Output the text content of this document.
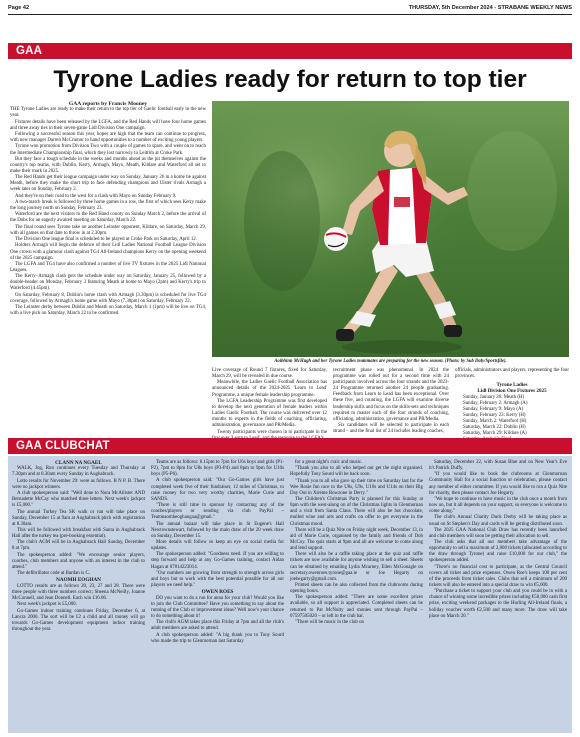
Page 42	THURSDAY, 5th December 2024 - STRABANE WEEKLY NEWS
GAA
Tyrone Ladies ready for return to top tier

GAA reports by Francis Mooney

THE Tyrone Ladies are ready to make their return to the top tier of Gaelic football early in the new year.

Fixtures details have been released by the LGFA, and the Red Hands will have four home games and three away ties in their seven-game Lidl Division One campaign.

Following a successful season this year, hopes are high that the team can continue to progress, with new manager Darren McCrumor to hand opportunities to a number of exciting young players.

Tyrone won promotion from Division Two with a couple of games to spare, and went on to reach the Intermediate Championship final, which they lost narrowly to Leitrim at Croke Park.

But they face a tough schedule in the weeks and months ahead as the pit themselves against the country's top teams, with Dublin, Kerry, Armagh, Mayo, Meath, Kildare and Waterford all set to make their mark in 2025.

The Red Hands get their league campaign under way on Sunday, January 26 in a home tie against Meath, before they make the short trip to face defending champions and Ulster rivals Armagh a week later on Sunday, February 2.

And they're on their road to the west for a clash with Mayo on Sunday February 9.

A two-match break is followed by three home games in a row, the first of which sees Kerry make the long journey north on Sunday, February 23.

Waterford are the next visitors to the Red Hand county on Sunday March 2, before the arrival of the Dubs for an eagerly awaited meeting on Saturday, March 22.

The final round sees Tyrone take on another Leinster opponent, Kildare, on Saturday, March 29, with all games on that date to throw in at 2.30pm.

The Division One league final is scheduled to be played at Croke Park on Saturday, April 12.

Holders Armagh will begin the defence of their Lidl Ladies National Football League Division One crown with a glamour clash against TG4 All-Ireland champions Kerry on the opening weekend of the 2025 campaign.

The LGFA and TG4 have also confirmed a number of live TV fixtures in the 2025 Lidl National Leagues.

The Kerry–Armagh clash gets the schedule under way on Saturday, January 25, followed by a double-header on Monday, February 3 featuring Meath at home to Mayo (2pm) and Kerry's trip to Waterford (4.45pm).

On Saturday, February 8, Dublin's home clash with Armagh (3.30pm) is scheduled for live TG4 coverage, followed by Armagh's home game with Mayo (7.30pm) on Saturday, February 22.

The Leinster derby between Dublin and Meath on Saturday, March 1 (1pm) will be live on TG4, with a live pick on Saturday, March 22 to be confirmed.

Aoibhinn McHugh and her Tyrone Ladies teammates are preparing for the new season. (Photo: by Sub Daly/Sportsfile).

Live coverage of Round 7 fixtures, fixed for Saturday, March 29, will be revealed in due course.

Meanwhile, the Ladies Gaelic Football Association has announced details of the 2024-2025 'Learn to Lead' Programme, a unique female leadership programme.

The LGFA Leadership Programme was first developed to develop the next generation of female leaders within Ladies Gaelic Football. The course was delivered over 12 months to experts in the fields of coaching, officiating, administration, governance and PR/Media.

Twenty participants were chosen in to participate in the

recruitment phase was phenomenal. In 2024 the programme was rolled out for a second time with 24 participants involved across the four strands and the 2023-24 Programme returned another 24 people graduating. Feedback from Learn to Lead has been exceptional. Over these five, and counting, the LGFA will examine diverse leadership skills and focus on the skills-sets and techniques required to master each of the four strands of coaching, officiating, administration, governance and PR/Media.

Six candidates will be selected to participate in each strand – and the final list of 24 includes leading coaches,

officials, administrators and players, representing the four provinces.

Tyrone Ladies
Lidl Division One Fixtures 2025
Sunday, January 26: Meath (H)
Sunday, February 2: Armagh (A)
Sunday, February 9: Mayo (A)
Sunday, February 23: Kerry (H)
Sunday, March 2: Waterford (H)
Saturday, March 22: Dublin (H)
Saturday, March 29: Kildare (A)
GAA CLUBCHAT

CLANN NA NGAEL

WALK, Jog, Run continues every Tuesday and Thursday at 7.30pm and at 8.30am every Sunday in Aughabrack.

Lotto results for November 29: were as follows. B N P. B. There were no jackpot winners.

A club spokesperson said: "Well done to Nora McAllister AND Bernadette McCay who matched three letters. Next week's jackpot is £5,000."

The annual Turkey Tea SK walk or run will take place on Sunday, December 15 at 9am at Aughabrack pitch with registration at 8.30am.

This will be followed with breakfast with Santa in Aughabrack Hall after the turkey tea (pre-booking essential).

The club's AGM will be in Aughabrack Hall Sunday, December 8 at 7pm.

The spokesperson added: "We encourage senior players, coaches, club members and anyone with an interest in the club to attend."

The defibrillator code at Bardan is C.

NAOMH EOGHAN

LOTTO results are as follows 20, 23, 27 and 28. There were three people with three numbers correct; Sheena McNeilly, Joanne McConnell, and Jean Donnell. Each win £16.66.

Next week's jackpot is £5,000.

Go-Games indoor training continues Friday, December 6, at Lancra 2000. The sort will be £2 a child and all money will go towards Go-Games development equipment indoor training throughout the year.

Teams are as follows: 6.15pm to 7pm for U6s boys and girls (P1-P2), 7pm to 8pm for U8s boys (P3-P4) and 8pm to 9pm for U10s boys (P5-P6).

A club spokesperson said: "Our Go-Games girls have just completed week five of their fundraiser, 12 miles of Christmas, to raise money for two very worthy charities, Marie Curie and SANDS.

"There is still time to sponsor by contacting any of the coaches/players or sending via club PayPal – Teamnaomheoghangaa@gmail."

The annual bazaar will take place in St Eugene's Hall Newtownstewart, followed by the main draw of the 20 week draw on Sunday, December 15.

More details will follow so keep an eye on social media for updates.

The spokesperson added: "Goodness need. If you are willing to step forward and help at any Go-Games training, contact Aidan Hagan at 07814223014.

"Our numbers are growing from strength to strength across girls and boys but to work with the best potential possible for all our players we need help."

OWEN ROES

DO you want to do a run for anna for your club? Would you like to join the Club Committee? Have you something to say about the running of the Club or improvement ideas? Well now's your chance to do something about it!

The club's AGM takes place this Friday at 7pm and all the club's adult members are asked to attend.

A club spokesperson added: "A big thank you to Tony Sourd who made the trip to Glenmornan last Saturday

for a great night's craic and music.

"Thank you also to all who helped out get the night organised. Hopefully Tony Sourd will be back soon.

"Thank you to all who gave up their time on Saturday last for the Wee Rosie fun race to the U8s, U9s, U10s and U14s on their Big Day Out in Xtreme Bowzone in Derry."

The Children's Christmas Party is planned for this Sunday at 6pm with the west-along on of the Christmas lights in Glenmornan and a visit from Santa Claus. There will also be hot chocolate, mulled wine and arts and crafts on offer to get everyone in the Christmas mood.

There will be a Quiz Nite on Friday night week, December 13, in aid of Marie Curie, organised by the family and friends of Doh McCoy. The quiz starts at 9pm and all are welcome to come along and lend support.

There will also be a raffle taking place at the quiz and raffle tickets are now available for anyone wishing to sell a sheet. Sheets can be obtained by emailing Lydia Mcarney, Ellen McGonagle on secretary.owenroes.tyrone@gaa.ie or Joe Hegarty on joehegarty@gmail.com.

Printed sheets can be also collected from the clubrooms during opening hours.

The spokesperson added: "There are some excellent prizes available, so all support is appreciated. Completed sheets can be returned to Pat McNulty and monies sent through PayPal – 07597505020 – or left in the club bar.

"There will be music in the club on

Saturday, December 22, with Susan Blue and on New Year's Eve it's Patrick Duffy.

"If you would like to book the clubrooms at Glenmornan Community Hall for a social function or celebration, please contact any member of either committee. If you would like to run a Quiz Nite for charity, then please contact Joe Hegarty.

"We hope to continue to have music in the club once a month from now on, but it all depends on your support, so everyone is welcome to come along."

The club's Annual Charity Duck Derby will be taking place as usual on St Stephen's Day and cards will be getting distributed soon.

The 2025 GAA National Club Draw has recently been launched and club members will soon be getting their allocation to sell.

The club asks that all our members take advantage of the opportunity to sell a maximum of 2,000 tickets (allocated according to the draw through Tyrone) and raise £10,000 for our club," the spokesperson added.

"There's no financial cost to participate, as the Central Council covers all ticket and prize expenses. Owen Roe's keeps 100 per cent of the proceeds from ticket sales. Clubs that sell a minimum of 200 tickets will also be entered into a special draw to win €5,000.

"Purchase a ticket to support your club and you could be in with a chance of winning some incredible prizes including €50,000 cash first prize, exciting weekend packages to the Hurling All-Ireland finals, a holiday voucher worth €2,500 and many more. The draw will take place on March 20."
